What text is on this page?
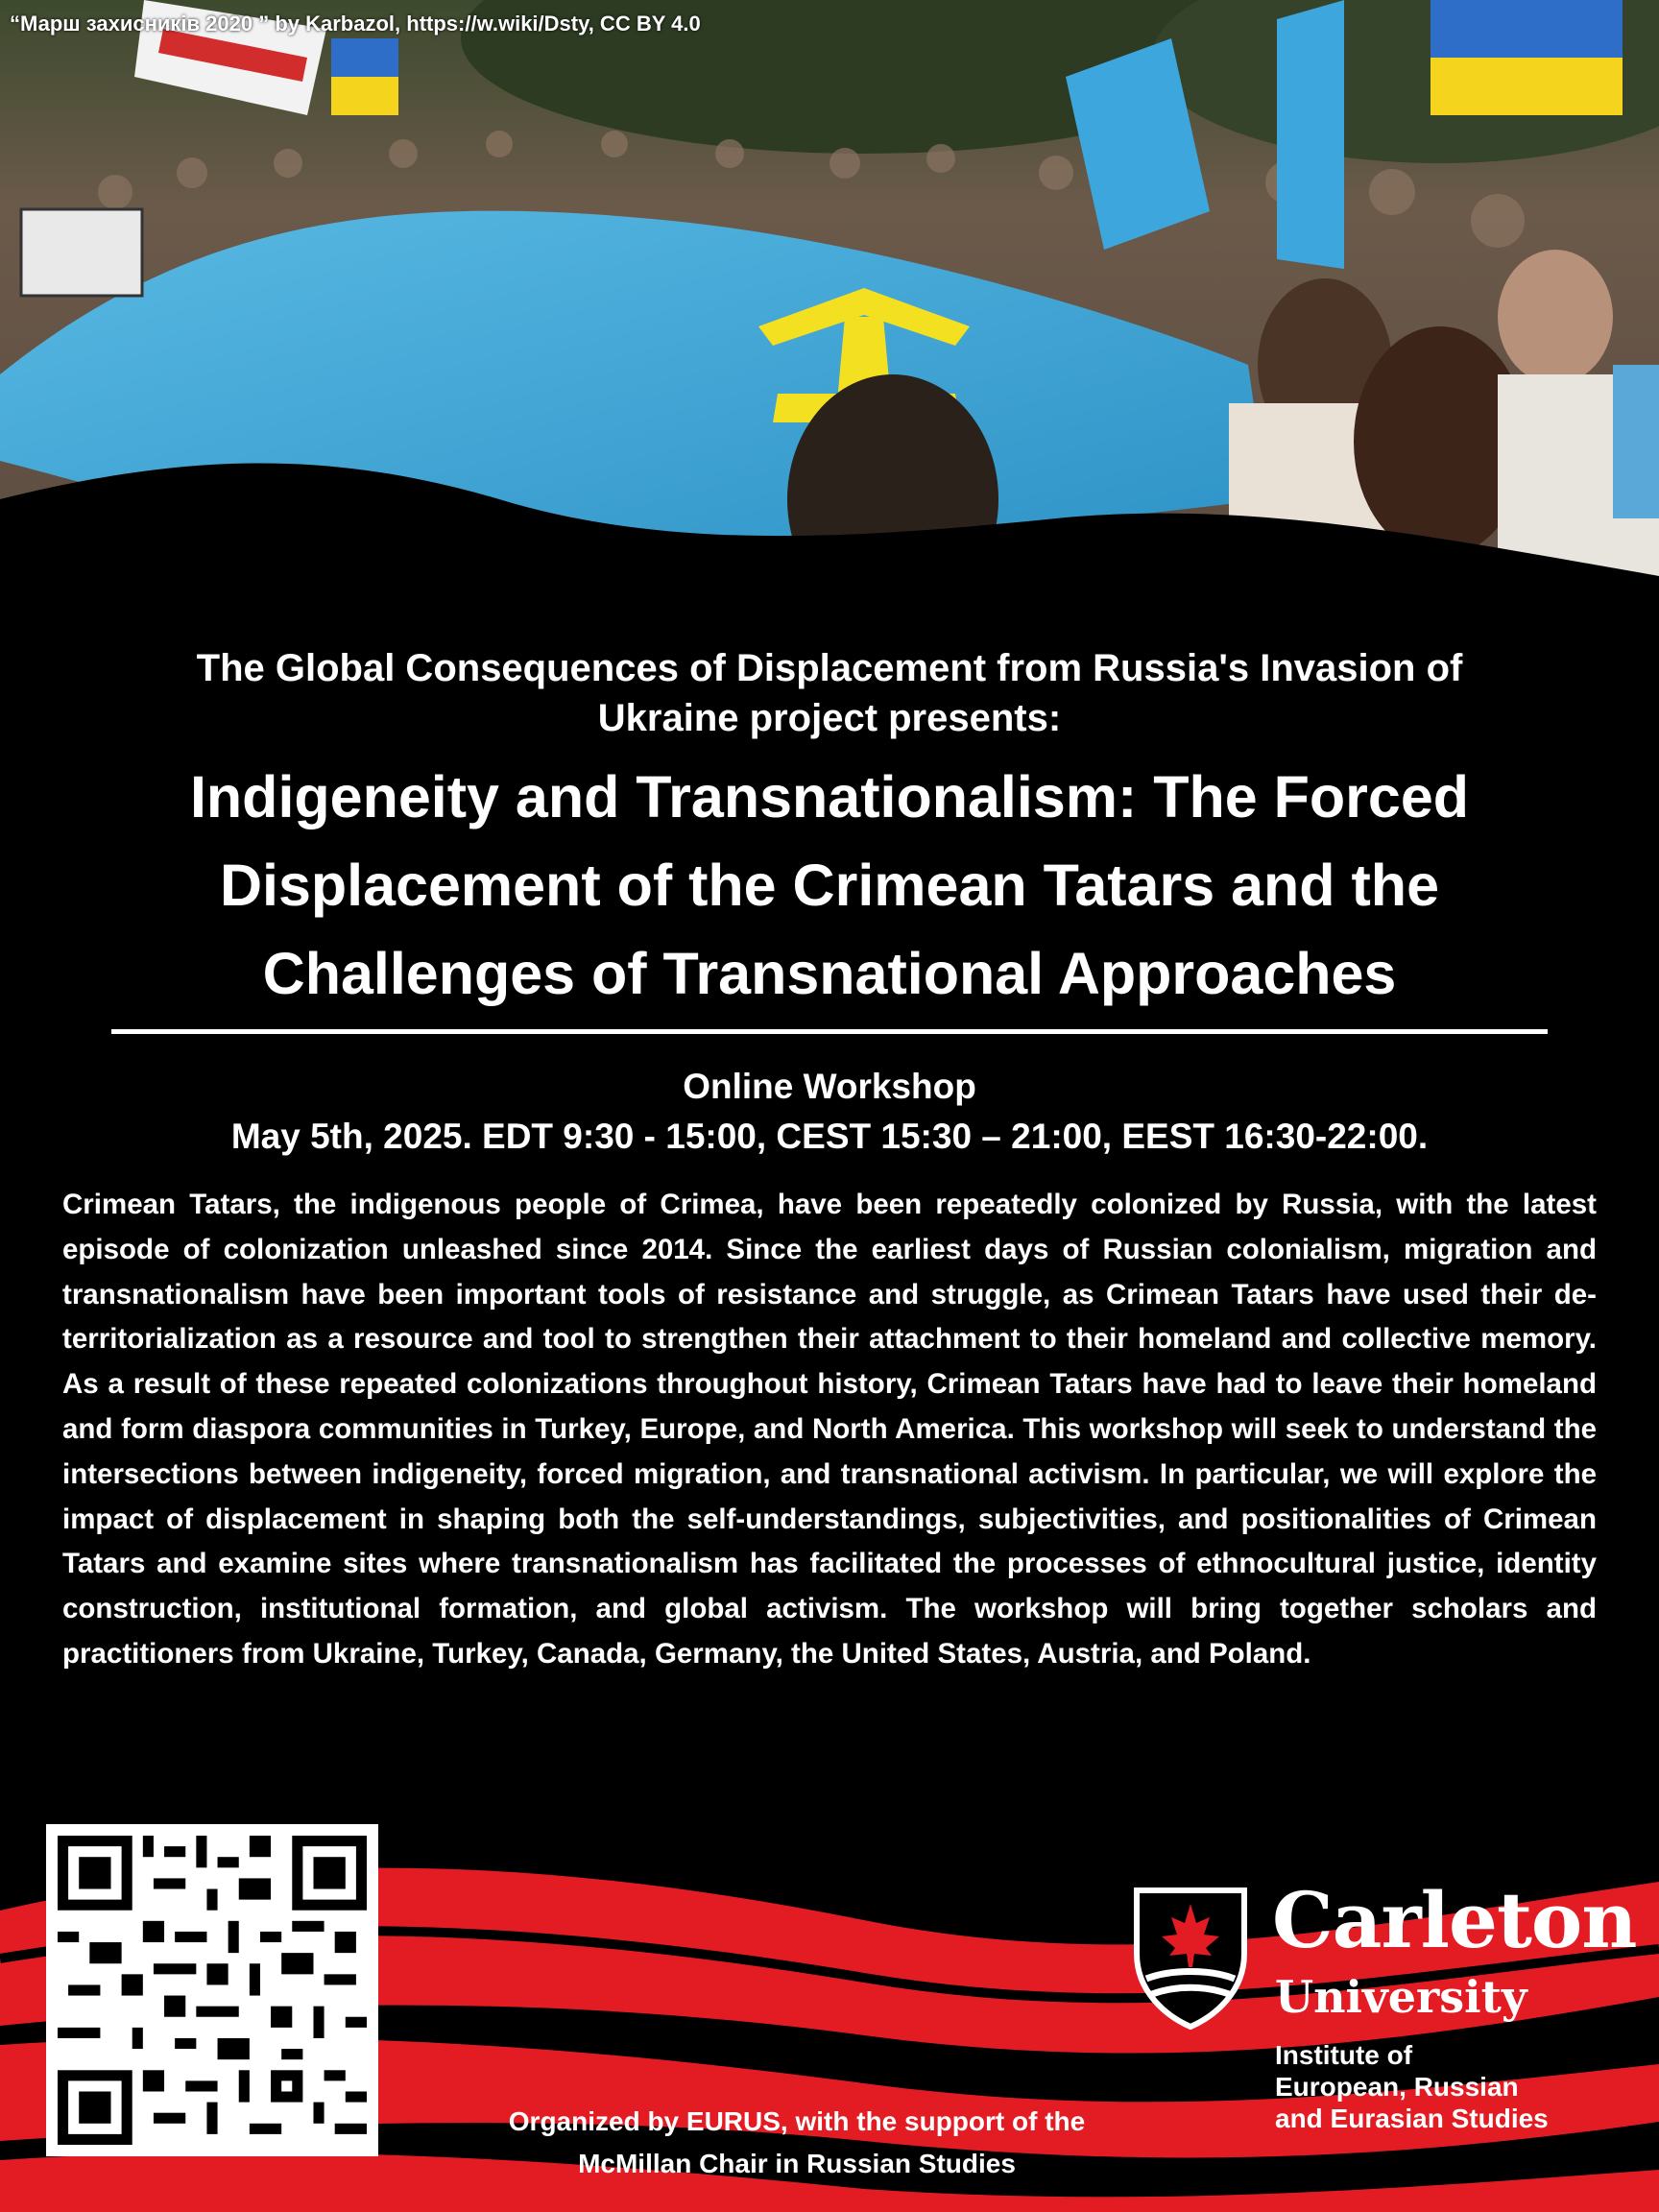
“Марш захисників 2020 ” by Karbazol, https://w.wiki/Dsty, CC BY 4.0
The Global Consequences of Displacement from Russia's Invasion of
Ukraine project presents:
Indigeneity and Transnationalism: The Forced
Displacement of the Crimean Tatars and the
Challenges of Transnational Approaches
Online Workshop
May 5th, 2025. EDT 9:30 - 15:00, CEST 15:30 – 21:00, EEST 16:30-22:00.
Crimean Tatars, the indigenous people of Crimea, have been repeatedly colonized by Russia, with the latest episode of colonization unleashed since 2014. Since the earliest days of Russian colonialism, migration and transnationalism have been important tools of resistance and struggle, as Crimean Tatars have used their de-territorialization as a resource and tool to strengthen their attachment to their homeland and collective memory. As a result of these repeated colonizations throughout history, Crimean Tatars have had to leave their homeland and form diaspora communities in Turkey, Europe, and North America. This workshop will seek to understand the intersections between indigeneity, forced migration, and transnational activism. In particular, we will explore the impact of displacement in shaping both the self-understandings, subjectivities, and positionalities of Crimean Tatars and examine sites where transnationalism has facilitated the processes of ethnocultural justice, identity construction, institutional formation, and global activism. The workshop will bring together scholars and practitioners from Ukraine, Turkey, Canada, Germany, the United States, Austria, and Poland.
Organized by EURUS, with the support of the
McMillan Chair in Russian Studies
Carleton
University
Institute of
European, Russian
and Eurasian Studies
